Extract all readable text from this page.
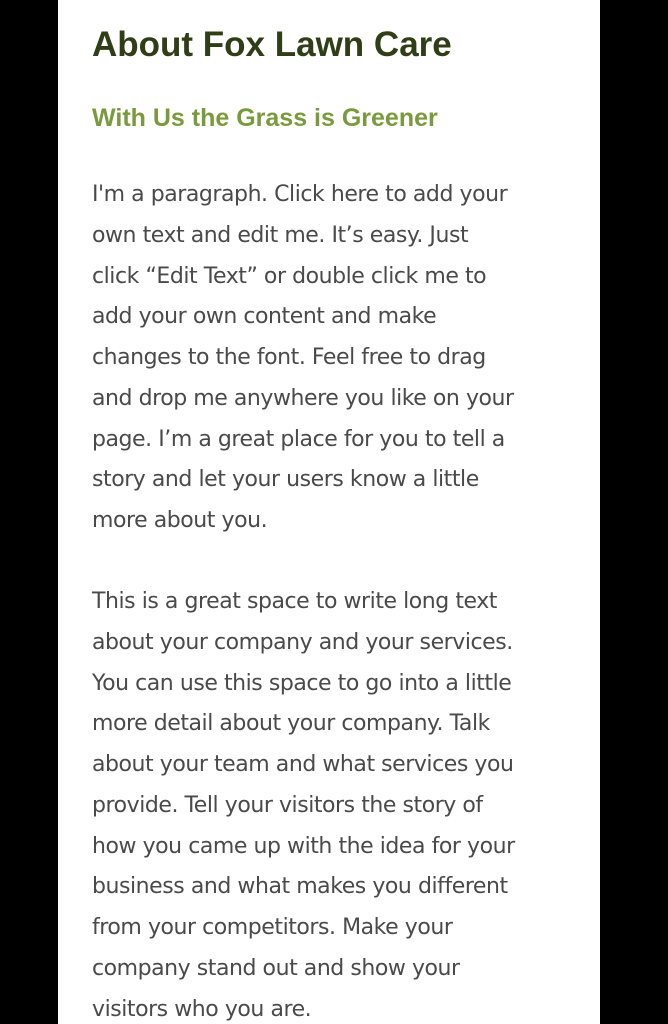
About Fox Lawn Care
With Us the Grass is Greener

I'm a paragraph. Click here to add your
own text and edit me. It’s easy. Just
click “Edit Text” or double click me to
add your own content and make
changes to the font. Feel free to drag
and drop me anywhere you like on your
page. I’m a great place for you to tell a
story and let your users know a little
more about you.

This is a great space to write long text
about your company and your services.
You can use this space to go into a little
more detail about your company. Talk
about your team and what services you
provide. Tell your visitors the story of
how you came up with the idea for your
business and what makes you different
from your competitors. Make your
company stand out and show your
visitors who you are.
